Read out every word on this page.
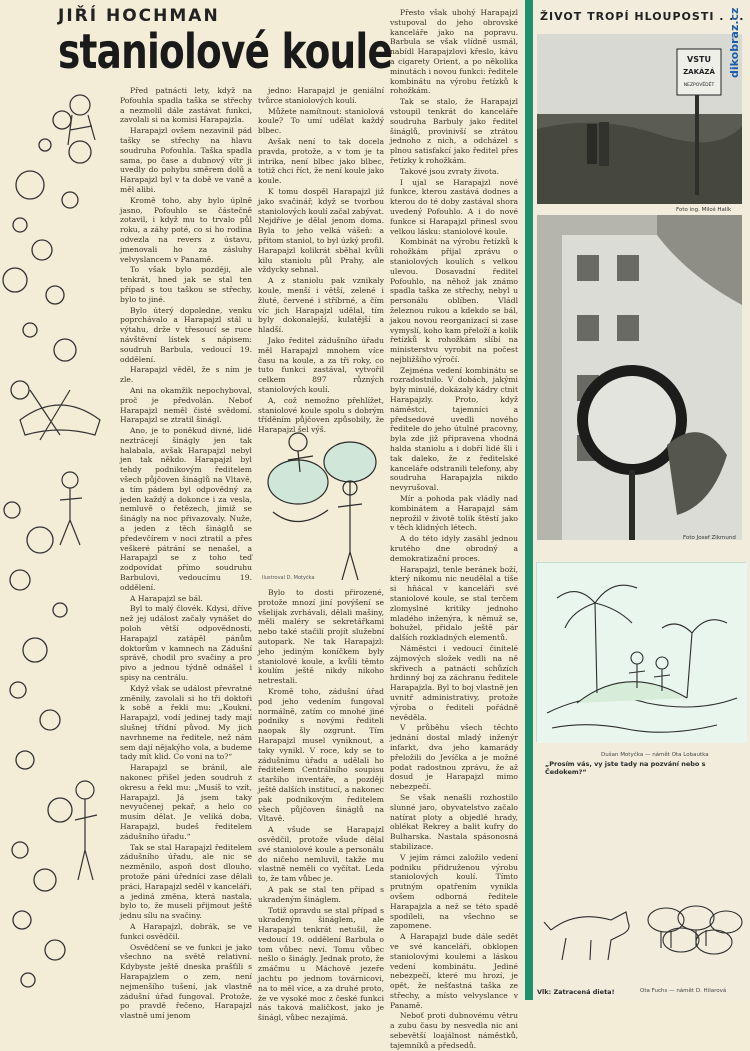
JIŘÍ HOCHMAN
staniolové koule

Před patnácti lety, když na Pofouhla spadla taška se střechy a nezmolil dále zastávat funkci, zavolali si na komisi Harapajzla.

Harapajzl ovšem nezavinil pád tašky se střechy na hlavu soudruha Pofouhla. Taška spadla sama, po čase a dubnový vítr ji uvedly do pohybu směrem dolů a Harapajzl byl v ta době ve vaně a měl alibi.

Kromě toho, aby bylo úplně jasno, Pofouhlo se částečně zotavil, i když mu to trvalo půl roku, a záhy poté, co si ho rodina odvezla na revers z ústavu, jmenovali ho za zásluhy velvyslancem v Panamě.

To však bylo později, ale tenkrát, hned jak se stal ten případ s tou taškou se střechy, bylo to jiné.

Bylo úterý dopoledne, venku poprchávalo a Harapajzl stál u výtahu, drže v třesoucí se ruce návštěvní lístek s nápisem: soudruh Barbula, vedoucí 19. oddělení.

Harapajzl věděl, že s ním je zle.

Ani na okamžik nepochyboval, proč je předvolán. Neboť Harapajzl neměl čisté svědomí. Harapajzl se ztratil šinágl.

Ano, je to poněkud divné, lidé neztrácejí šinágly jen tak halabala, avšak Harapajzl nebyl jen tak někdo. Harapajzl byl tehdy podnikovým ředitelem všech půjčoven šináglů na Vltavě, a tím pádem byl odpovědný za jeden každý a dokonce i za vesla, nemluvě o řetězech, jimiž se šinágly na noc přivazovaly. Nuže, a jeden z těch šináglů se předevčírem v noci ztratil a přes veškeré pátrání se nenašel, a Harapajzl se z toho teď zodpovídat přímo soudruhu Barbulovi, vedoucímu 19. oddělení.

A Harapajzl se bál.

Byl to malý človék. Kdysi, dříve než jej událost začaly vynášet do poloh větší odpovědnosti, Harapajzl zatápěl pánům doktorům v kamnech na Zádušní správě, chodil pro svačiny a pro pivo a jednou týdně odnášel i spisy na centrálu.

Když však se událost převratné změnily, zavolali si ho tři doktoři k sobě a řekli mu: „Koukni, Harapajzl, vodí jedinej tady mají slušnej třídní původ. My jich navrhneme na ředitele, než nám sem dají nějakýho vola, a budeme tady mít klid. Co voni na to?“

Harapajzl se bránil, ale nakonec přišel jeden soudruh z okresu a řekl mu: „Musíš to vzít, Harapajzl. Já jsem taky nevyučenej pekař, a helo co musím dělat. Je veliká doba, Harapajzl, budeš ředitelem zádušního úřadu.“

Tak se stal Harapajzl ředitelem zádušního úřadu, ale nic se nezměnilo, aspoň dost dlouho, protože páni úředníci zase dělali práci, Harapajzl seděl v kanceláři, a jediná změna, která nastala, bylo to, že museli přijmout ještě jednu sílu na svačiny.

A Harapajzl, dobrák, se ve funkci osvědčil.

Osvědčení se ve funkci je jako všechno na světě relativní. Kdybyste ještě dneska prašťili s Harapajzlem o zem, není nejmenšího tušení, jak vlastně zádušní úřad fungoval. Protože, po pravdě řečeno, Harapajzl vlastně umí jenom

jedno: Harapajzl je geniální tvůrce staniolových koulí.

Můžete namítnout: staniolová koule? To umí udělat každý blbec.

Avšak není to tak docela pravda, protože, a v tom je ta intrika, není blbec jako blbec, totiž chci říct, že není koule jako koule.

K tomu dospěl Harapajzl již jako svačinář, když se tvorbou staniolových koulí začal zabývat. Nejdříve je dělal jenom doma. Byla to jeho velká vášeň: a přitom staniol, to byl úzký profil. Harapajzl kolikrát sběhal kvůli kilu staniolu půl Prahy, ale vždycky sehnal.

A z staniolu pak vznikaly koule, menší i větší, zelené i žluté, červené i stříbrné, a čím víc jich Harapajzl udělal, tím byly dokonalejší, kulatější a hladší.

Jako ředitel zádušního úřadu měl Harapajzl mnohem více času na koule, a za tři roky, co tuto funkci zastával, vytvořil celkem 897 různých staniolových koulí.

A, což nemožno přehlížet, staniolové koule spolu s dobrým tříděním půjčoven způsobily, že Harapajzl šel výš.

Ilustroval D. Motyčka

Bylo to dosti přirozené, protože mnozí jiní povýšení se všelijak zvrhávali, dělali mašiny, měli maléry se sekretářkami nebo také stačili projít služební autopark. Ne tak Harapajzl: jeho jediným koníčkem byly staniolové koule, a kvůli těmto koulím ještě nikdy nikoho netrestali.

Kromě toho, zádušní úřad pod jeho vedením fungoval normálně, zatím co mnohé jiné podniky s novými řediteli naopak šly ozgrunt. Tím Harapajzl musel vyniknout, a taky vynikl. V roce, kdy se to zádušnímu úřadu a udělali ho ředitelem Centrálního soupisu staršího inventáře, a později ještě dalších institucí, a nakonec pak podnikovým ředitelem všech půjčoven šináglů na Vltavě.

A všude se Harapajzl osvědčil, protože všude dělal své staniolové koule a personálu do ničeho nemluvil, takže mu vlastně neměli co vyčítat. Leda to, že tam vůbec je.

A pak se stal ten případ s ukradeným šináglem.

Totiž opravdu se stal případ s ukradeným šináglem, ale Harapajzl tenkrát netušil, že vedoucí 19. oddělení Barbula o tom vůbec neví. Tomu vůbec nešlo o šinágly. Jednak proto, že zmáčmu u Máchově jezeře jachtu po jednom továrnicovi, na to měl více, a za druhé proto, že ve vysoké moc z české funkci nás taková maličkost, jako je šinágl, vůbec nezajímá.

Přesto však ubohý Harapajzl vstupoval do jeho obrovské kanceláře jako na popravu. Barbula se však vlídně usmál, nabídl Harapajzlovi křeslo, kávu a cigarety Orient, a po několika minutách i novou funkci: ředitele kombinátu na výrobu řetízků k rohožkám.

Tak se stalo, že Harapajzl vstoupil tenkrát do kanceláře soudruha Barbuly jako ředitel šináglů, provinivší se ztrátou jednoho z nich, a odcházel s plnou satisfakcí jako ředitel přes řetízky k rohožkám.

Takové jsou zvraty života.

I ujal se Harapajzl nové funkce, kterou zastává dodnes a kterou do té doby zastával shora uvedený Pofouhlo. A i do nové funkce si Harapajzl přinesl svou velkou lásku: staniolové koule.

Kombinát na výrobu řetízků k rohožkám přijal zprávu o staniolových koulích s velkou ulevou. Dosavadní ředitel Pofouhlo, na něhož jak známo spadla taška ze střechy, nebyl u personálu oblíben. Vládl železnou rukou a kdekdo se bál, jakou novou reorganizací si zase vymyslí, koho kam přeloží a kolik řetízků k rohožkám slíbí na ministerstvu vyrobit na počest nejbližšího výročí.

Zejména vedení kombinátu se rozradostnilo. V dobách, jakými byly minulé, dokázaly kádry ctnit Harapajzly. Proto, když náměstci, tajemníci a předsedové uvedli nového ředitele do jeho útulné pracovny, byla zde již připravena vhodná halda staniolu a i dobří lidé šli i tak daleko, že z ředitelské kanceláře odstranili telefony, aby soudruha Harapajzla nikdo nevyrušoval.

Mír a pohoda pak vládly nad kombinátem a Harapajzl sám neprožil v životě tolik štěstí jako v těch klidných létech.

A do této idyly zasáhl jednou krutého dne obrodný a demokratizační proces.

Harapajzl, tenle beránek boží, který nikomu nic neudělal a tiše si hňácal v kanceláři své staniolové koule, se stal terčem zlomyslné kritiky jednoho mladého inženýra, k němuž se, bohužel, přidalo ještě pár dalších rozkladných elementů.

Náměstci i vedoucí činitelé zájmových složek vedli na ně skřivech a patnácti schůzích hrdinný boj za záchranu ředitele Harapajzla. Byl to boj vlastně jen uvnitř administrativy, protože výroba o řediteli pořádně nevěděla.

V průběhu všech těchto jednání dostal mladý inženýr infarkt, dva jeho kamarády přeložili do Jevíčka a je možné podat radostnou zprávu, že až dosud je Harapajzl mimo nebezpečí.

Se však nenašli rozhostilo slunné jaro, obyvatelstvo začalo natírat ploty a objedlé hrady, oblékat Rekrey a balit kufry do Bulharska. Nastala spásonosná stabilizace.

V jejím rámci založilo vedení podniku přidruženou výrobu staniolových koulí. Tímto prutným opatřením vynikla ovšem odborná ředitele Harapajzla a než se této spadě spodíleli, na všechno se zapomene.

A Harapajzl bude dále sedět ve své kanceláři, obklopen staniolovými koulemi a láskou vedení kombinátu. Jediné nebezpečí, které mu hrozí, je opět, že nešťastná taška ze střechy, a místo velvyslance v Panamě.

Neboť proti dubnovému větru a zubu času by nesvedla nic ani sebevětší loajálnost náměstků, tajemníků a předsedů.

ŽIVOT TROPÍ HLOUPOSTI . . .
VSTU
ZAKÁZÁ
NEZPOVĚDĚT
Foto ing. Miloš Halík
Foto Josef Zikmund
Dušan Motyčka — námět Ota Lobautka
„Prosím vás, vy jste tady na pozvání nebo s Čedokem?“
Vlk: Zatracená dieta!	Ota Fuchs — námět D. Hilarová
dikobraz.cz
